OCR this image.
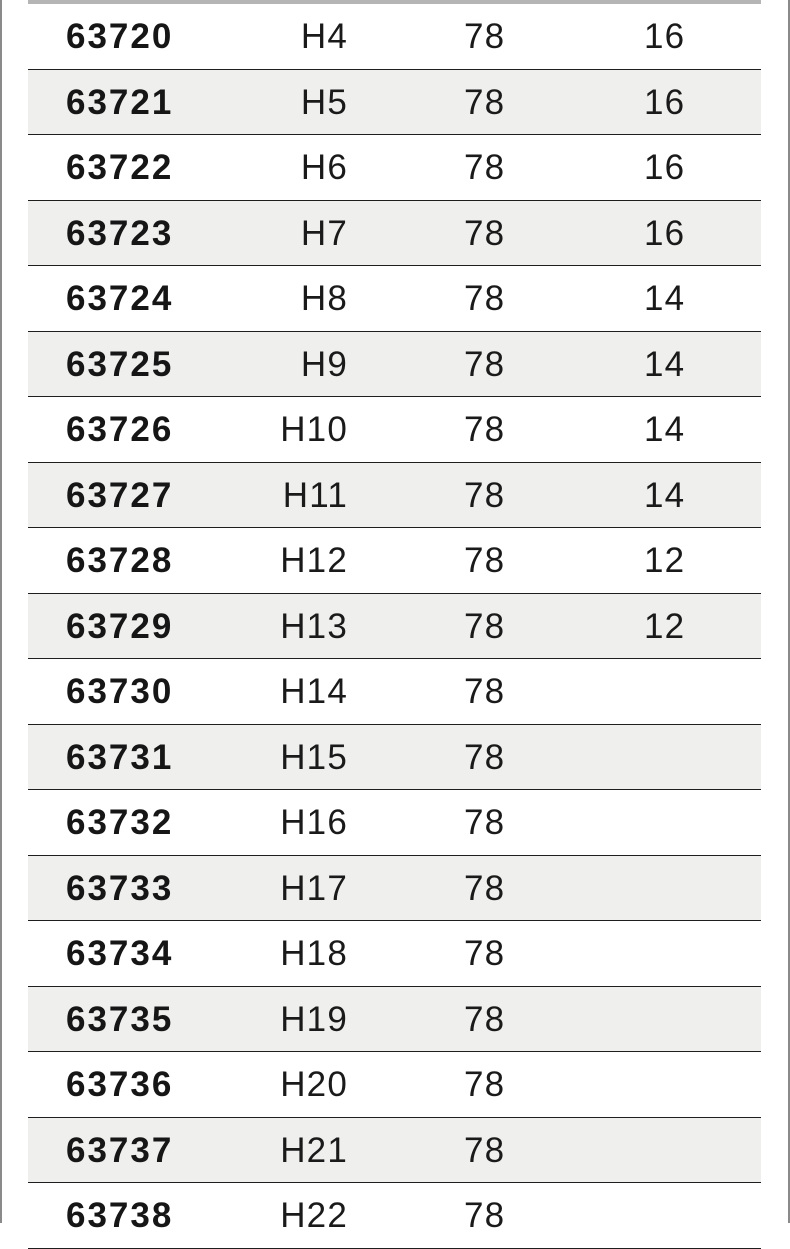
63720	H4	78	16
63721	H5	78	16
63722	H6	78	16
63723	H7	78	16
63724	H8	78	14
63725	H9	78	14
63726	H10	78	14
63727	H11	78	14
63728	H12	78	12
63729	H13	78	12
63730	H14	78
63731	H15	78
63732	H16	78
63733	H17	78
63734	H18	78
63735	H19	78
63736	H20	78
63737	H21	78
63738	H22	78
